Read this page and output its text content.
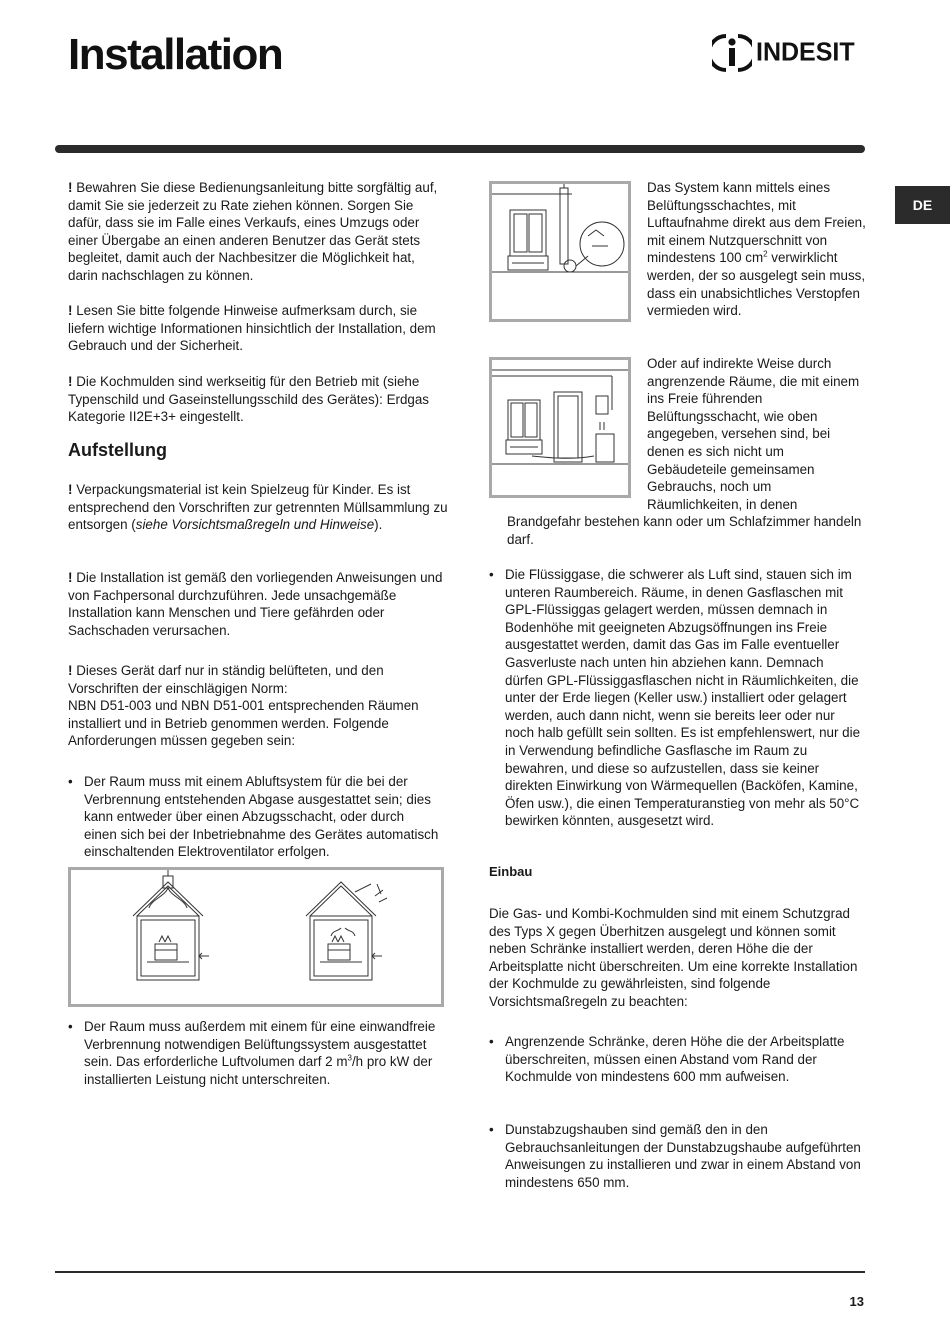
Installation	INDESIT
DE

! Bewahren Sie diese Bedienungsanleitung bitte sorgfältig auf, damit Sie sie jederzeit zu Rate ziehen können. Sorgen Sie dafür, dass sie im Falle eines Verkaufs, eines Umzugs oder einer Übergabe an einen anderen Benutzer das Gerät stets begleitet, damit auch der Nachbesitzer die Möglichkeit hat, darin nachschlagen zu können.

! Lesen Sie bitte folgende Hinweise aufmerksam durch, sie liefern wichtige Informationen hinsichtlich der Installation, dem Gebrauch und der Sicherheit.

! Die Kochmulden sind werkseitig für den Betrieb mit (siehe Typenschild und Gaseinstellungsschild des Gerätes): Erdgas Kategorie II2E+3+ eingestellt.

Aufstellung

! Verpackungsmaterial ist kein Spielzeug für Kinder. Es ist entsprechend den Vorschriften zur getrennten Müllsammlung zu entsorgen (siehe Vorsichtsmaßregeln und Hinweise).

! Die Installation ist gemäß den vorliegenden Anweisungen und von Fachpersonal durchzuführen. Jede unsachgemäße Installation kann Menschen und Tiere gefährden oder Sachschaden verursachen.

! Dieses Gerät darf nur in ständig belüfteten, und den Vorschriften der einschlägigen Norm:

NBN D51-003 und NBN D51-001 entsprechenden Räumen installiert und in Betrieb genommen werden. Folgende Anforderungen müssen gegeben sein:

• Der Raum muss mit einem Abluftsystem für die bei der Verbrennung entstehenden Abgase ausgestattet sein; dies kann entweder über einen Abzugsschacht, oder durch einen sich bei der Inbetriebnahme des Gerätes automatisch einschaltenden Elektroventilator erfolgen.
• Der Raum muss außerdem mit einem für eine einwandfreie Verbrennung notwendigen Belüftungssystem ausgestattet sein. Das erforderliche Luftvolumen darf 2 $m^3/h$ pro kW der installierten Leistung nicht unterschreiten.

Das System kann mittels eines Belüftungsschachtes, mit Luftaufnahme direkt aus dem Freien, mit einem Nutzquerschnitt von mindestens 100 $cm^2$ verwirklicht werden, der so ausgelegt sein muss, dass ein unabsichtliches Verstopfen vermieden wird.

Oder auf indirekte Weise durch angrenzende Räume, die mit einem ins Freie führenden Belüftungsschacht, wie oben angegeben, versehen sind, bei denen es sich nicht um Gebäudeteile gemeinsamen Gebrauchs, noch um Räumlichkeiten, in denen

Brandgefahr bestehen kann oder um Schlafzimmer handeln darf.

• Die Flüssiggase, die schwerer als Luft sind, stauen sich im unteren Raumbereich. Räume, in denen Gasflaschen mit GPL-Flüssiggas gelagert werden, müssen demnach in Bodenhöhe mit geeigneten Abzugsöffnungen ins Freie ausgestattet werden, damit das Gas im Falle eventueller Gasverluste nach unten hin abziehen kann. Demnach dürfen GPL-Flüssiggasflaschen nicht in Räumlichkeiten, die unter der Erde liegen (Keller usw.) installiert oder gelagert werden, auch dann nicht, wenn sie bereits leer oder nur noch halb gefüllt sein sollten. Es ist empfehlenswert, nur die in Verwendung befindliche Gasflasche im Raum zu bewahren, und diese so aufzustellen, dass sie keiner direkten Einwirkung von Wärmequellen (Backöfen, Kamine, Öfen usw.), die einen Temperaturanstieg von mehr als 50°C bewirken könnten, ausgesetzt wird.
Einbau

Die Gas- und Kombi-Kochmulden sind mit einem Schutzgrad des Typs X gegen Überhitzen ausgelegt und können somit neben Schränke installiert werden, deren Höhe die der Arbeitsplatte nicht überschreiten. Um eine korrekte Installation der Kochmulde zu gewährleisten, sind folgende Vorsichtsmaßregeln zu beachten:

• Angrenzende Schränke, deren Höhe die der Arbeitsplatte überschreiten, müssen einen Abstand vom Rand der Kochmulde von mindestens 600 mm aufweisen.
• Dunstabzugshauben sind gemäß den in den Gebrauchsanleitungen der Dunstabzugshaube aufgeführten Anweisungen zu installieren und zwar in einem Abstand von mindestens 650 mm.
13
